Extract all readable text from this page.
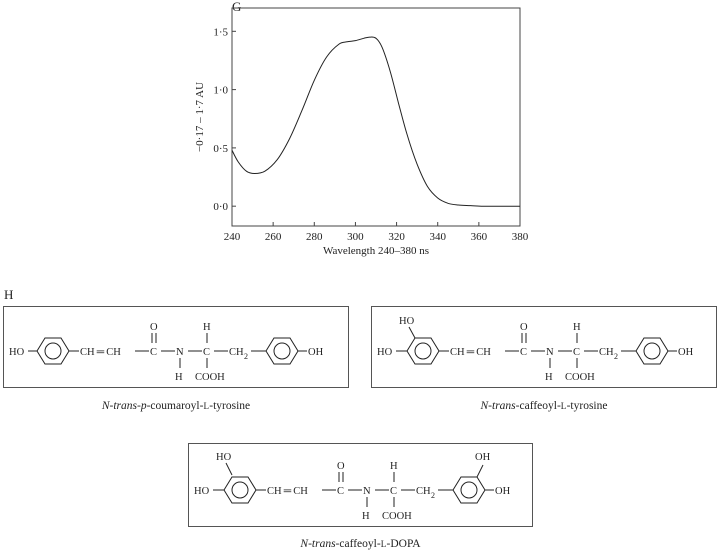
G
240 260 280 300 320 340 360 380
0·0
0·5
1·0
1·5
Wavelength 240–380 ns
−0·17 – 1·7 AU
H
HO	CH ═ CH	C
O
N
H
C
H
COOH
CH 2	OH
HO
HO	CH ═ CH	C
O
N
H
C
H
COOH
CH 2	OH
N-trans-p-coumaroyl-L-tyrosine	N-trans-caffeoyl-L-tyrosine
HO
HO	CH ═ CH	C
O
N
H
C
H
COOH
CH 2
OH
OH
N-trans-caffeoyl-L-DOPA
